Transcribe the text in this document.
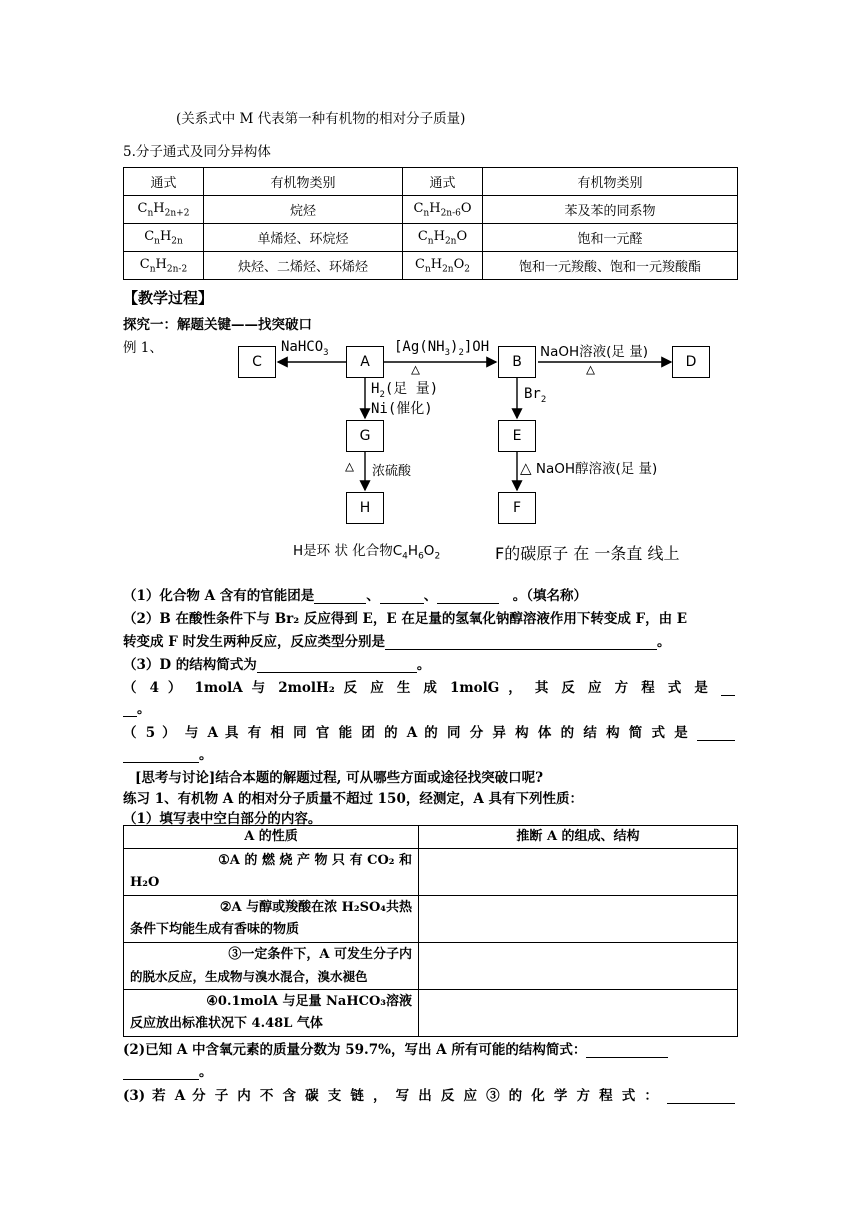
(关系式中 M 代表第一种有机物的相对分子质量)
5.分子通式及同分异构体
通式	有机物类别	通式	有机物类别
$C_nH_{2n+2}$	烷烃	$C_nH_{2n-6}O$	苯及苯的同系物
$C_nH_{2n}$	单烯烃、环烷烃	$C_nH_{2n}O$	饱和一元醛
$C_nH_{2n-2}$	炔烃、二烯烃、环烯烃	$C_nH_{2n}O_2$	饱和一元羧酸、饱和一元羧酸酯
【教学过程】
探究一：解题关键——找突破口
例 1、
C	A	B	D
G	E
H	F
NaHCO$_3$	$[Ag(NH_3)_2]OH$
△
NaOH溶液(足 量)
△
$H_2$(足 量)
Ni(催化)
$Br_2$
△ 浓硫酸	△ NaOH醇溶液(足 量)
H是环 状 化合物$C_4H_6O_2$	F的碳原子 在 一条直 线上
（1）化合物 A 含有的官能团是	、	、　	。（填名称）
（2）B 在酸性条件下与 Br₂ 反应得到 E，E 在足量的氢氧化钠醇溶液作用下转变成 F，由 E
转变成 F 时发生两种反应，反应类型分别是	。
（3）D 的结构简式为	。
（ 4 ） 1molA 与 2molH₂ 反 应 生 成 1molG ， 其 反 应 方 程 式 是
。
（ 5 ） 与 A 具 有 相 同 官 能 团 的 A 的 同 分 异 构 体 的 结 构 简 式 是
。
[思考与讨论]结合本题的解题过程, 可从哪些方面或途径找突破口呢?
练习 1、有机物 A 的相对分子质量不超过 150，经测定，A 具有下列性质：
（1）填写表中空白部分的内容。
A 的性质	推断 A 的组成、结构

①A 的 燃 烧 产 物 只 有 CO₂ 和
H₂O	

②A 与醇或羧酸在浓 H₂SO₄共热
条件下均能生成有香味的物质	

③一定条件下，A 可发生分子内
的脱水反应，生成物与溴水混合，溴水褪色	

④0.1molA 与足量 NaHCO₃溶液
反应放出标准状况下 4.48L 气体	

(2)已知 A 中含氧元素的质量分数为 59.7%，写出 A 所有可能的结构简式：
。
(3) 若 A 分 子 内 不 含 碳 支 链 ， 写 出 反 应 ③ 的 化 学 方 程 式 ：
